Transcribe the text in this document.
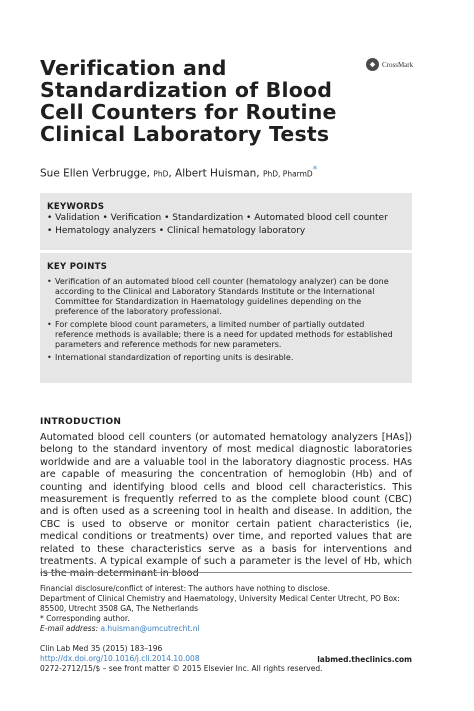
Verification and Standardization of Blood Cell Counters for Routine Clinical Laboratory Tests
CrossMark
Sue Ellen Verbrugge, PhD, Albert Huisman, PhD, PharmD*
KEYWORDS
• Validation • Verification • Standardization • Automated blood cell counter
• Hematology analyzers • Clinical hematology laboratory
KEY POINTS
• Verification of an automated blood cell counter (hematology analyzer) can be done according to the Clinical and Laboratory Standards Institute or the International Committee for Standardization in Haematology guidelines depending on the preference of the laboratory professional.
• For complete blood count parameters, a limited number of partially outdated reference methods is available; there is a need for updated methods for established parameters and reference methods for new parameters.
• International standardization of reporting units is desirable.
INTRODUCTION
Automated blood cell counters (or automated hematology analyzers [HAs]) belong to the standard inventory of most medical diagnostic laboratories worldwide and are a valuable tool in the laboratory diagnostic process. HAs are capable of measuring the concentration of hemoglobin (Hb) and of counting and identifying blood cells and blood cell characteristics. This measurement is frequently referred to as the complete blood count (CBC) and is often used as a screening tool in health and disease. In addition, the CBC is used to observe or monitor certain patient characteristics (ie, medical conditions or treatments) over time, and reported values that are related to these characteristics serve as a basis for interventions and treatments. A typical example of such a parameter is the level of Hb, which is the main determinant in blood
Financial disclosure/conflict of interest: The authors have nothing to disclose.
Department of Clinical Chemistry and Haematology, University Medical Center Utrecht, PO Box: 85500, Utrecht 3508 GA, The Netherlands
* Corresponding author.
E-mail address: a.huisman@umcutrecht.nl
Clin Lab Med 35 (2015) 183–196
http://dx.doi.org/10.1016/j.cll.2014.10.008
0272-2712/15/$ – see front matter © 2015 Elsevier Inc. All rights reserved.
labmed.theclinics.com
